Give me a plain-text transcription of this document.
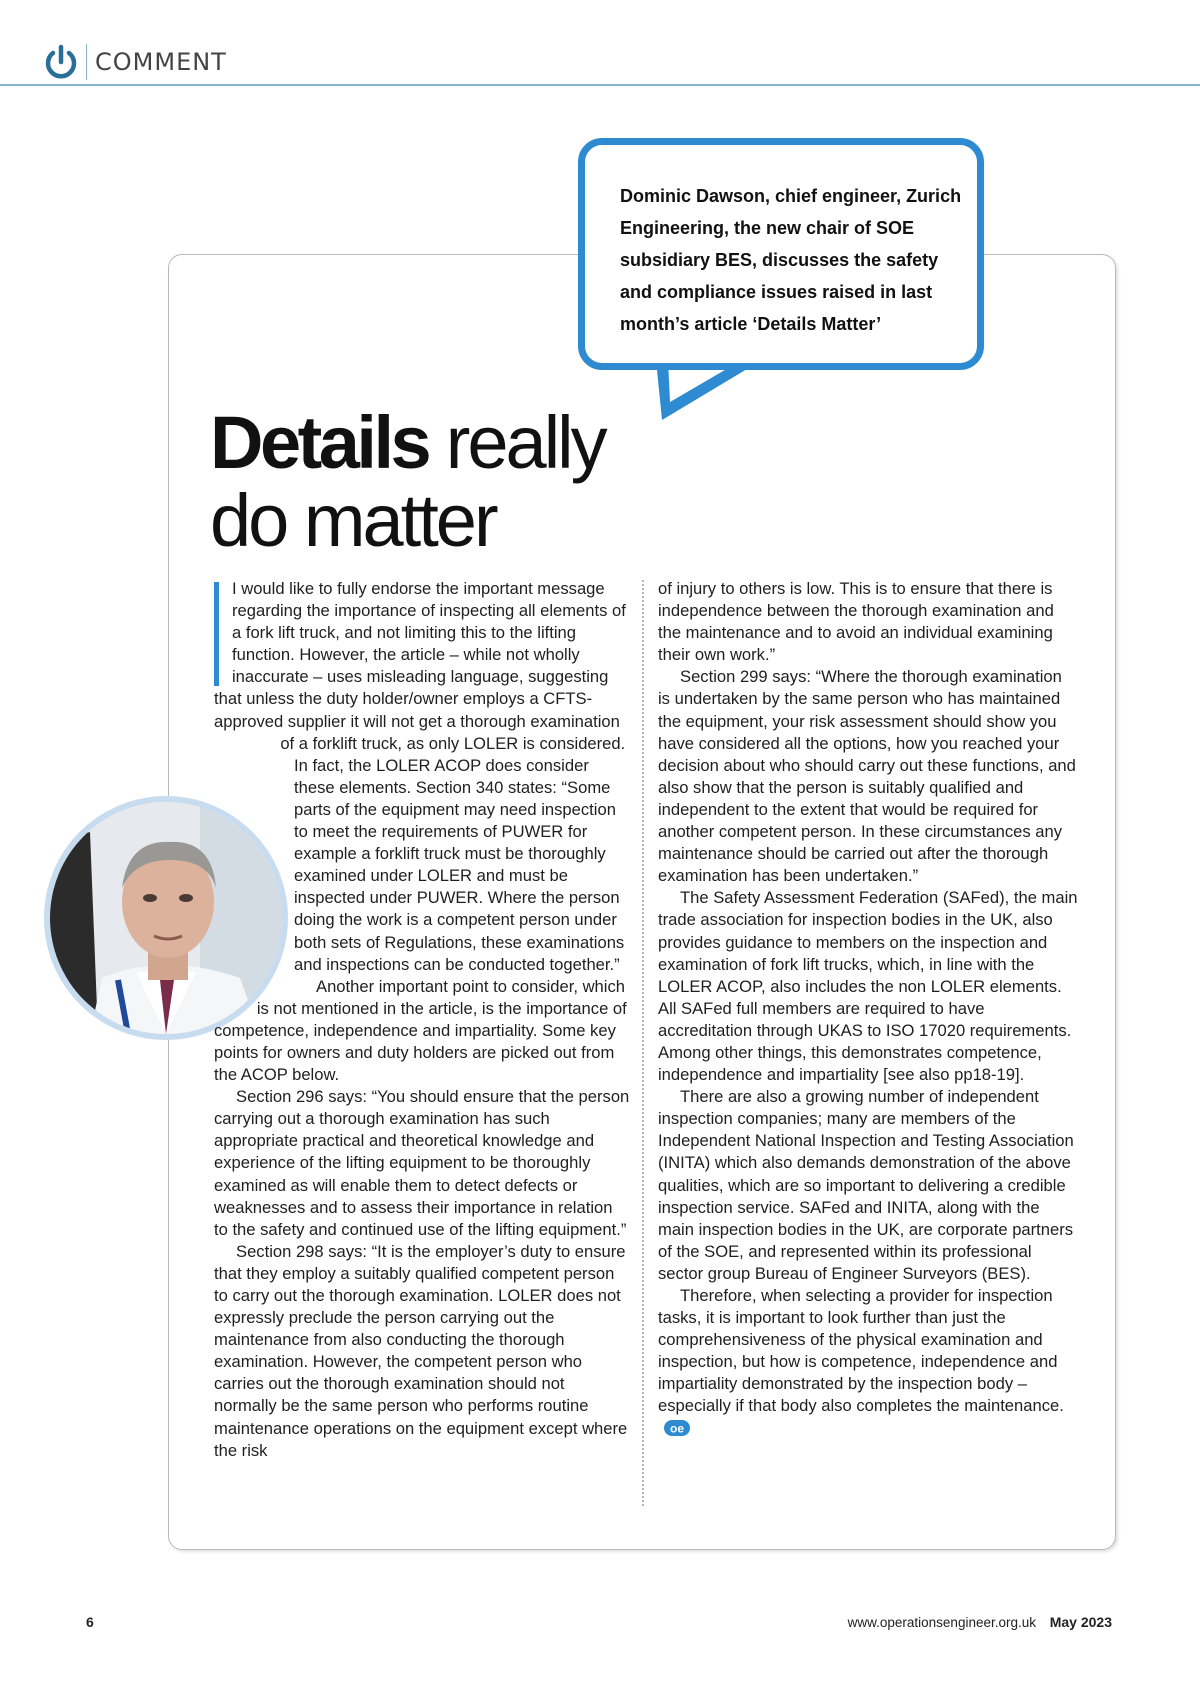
COMMENT
Dominic Dawson, chief engineer, Zurich Engineering, the new chair of SOE subsidiary BES, discusses the safety and compliance issues raised in last month’s article ‘Details Matter’
Details really
do matter

I would like to fully endorse the important message regarding the importance of inspecting all elements of a fork lift truck, and not limiting this to the lifting function. However, the article – while not wholly inaccurate – uses misleading language, suggesting that unless the duty holder/owner employs a CFTS-approved supplier it will not get a thorough examination of a forklift truck, as only LOLER is considered. In fact, the LOLER ACOP does consider these elements. Section 340 states: “Some parts of the equipment may need inspection to meet the requirements of PUWER for example a forklift truck must be thoroughly examined under LOLER and must be inspected under PUWER. Where the person doing the work is a competent person under both sets of Regulations, these examinations and inspections can be conducted together.”

Another important point to consider, which is not mentioned in the article, is the importance of competence, independence and impartiality. Some key points for owners and duty holders are picked out from the ACOP below.

Section 296 says: “You should ensure that the person carrying out a thorough examination has such appropriate practical and theoretical knowledge and experience of the lifting equipment to be thoroughly examined as will enable them to detect defects or weaknesses and to assess their importance in relation to the safety and continued use of the lifting equipment.”

Section 298 says: “It is the employer’s duty to ensure that they employ a suitably qualified competent person to carry out the thorough examination. LOLER does not expressly preclude the person carrying out the maintenance from also conducting the thorough examination. However, the competent person who carries out the thorough examination should not normally be the same person who performs routine maintenance operations on the equipment except where the risk

of injury to others is low. This is to ensure that there is independence between the thorough examination and the maintenance and to avoid an individual examining their own work.”

Section 299 says: “Where the thorough examination is undertaken by the same person who has maintained the equipment, your risk assessment should show you have considered all the options, how you reached your decision about who should carry out these functions, and also show that the person is suitably qualified and independent to the extent that would be required for another competent person. In these circumstances any maintenance should be carried out after the thorough examination has been undertaken.”

The Safety Assessment Federation (SAFed), the main trade association for inspection bodies in the UK, also provides guidance to members on the inspection and examination of fork lift trucks, which, in line with the LOLER ACOP, also includes the non LOLER elements. All SAFed full members are required to have accreditation through UKAS to ISO 17020 requirements. Among other things, this demonstrates competence, independence and impartiality [see also pp18-19].

There are also a growing number of independent inspection companies; many are members of the Independent National Inspection and Testing Association (INITA) which also demands demonstration of the above qualities, which are so important to delivering a credible inspection service. SAFed and INITA, along with the main inspection bodies in the UK, are corporate partners of the SOE, and represented within its professional sector group Bureau of Engineer Surveyors (BES).

Therefore, when selecting a provider for inspection tasks, it is important to look further than just the comprehensiveness of the physical examination and inspection, but how is competence, independence and impartiality demonstrated by the inspection body – especially if that body also completes the maintenance.
oe

6	www.operationsengineer.org.uk May 2023
